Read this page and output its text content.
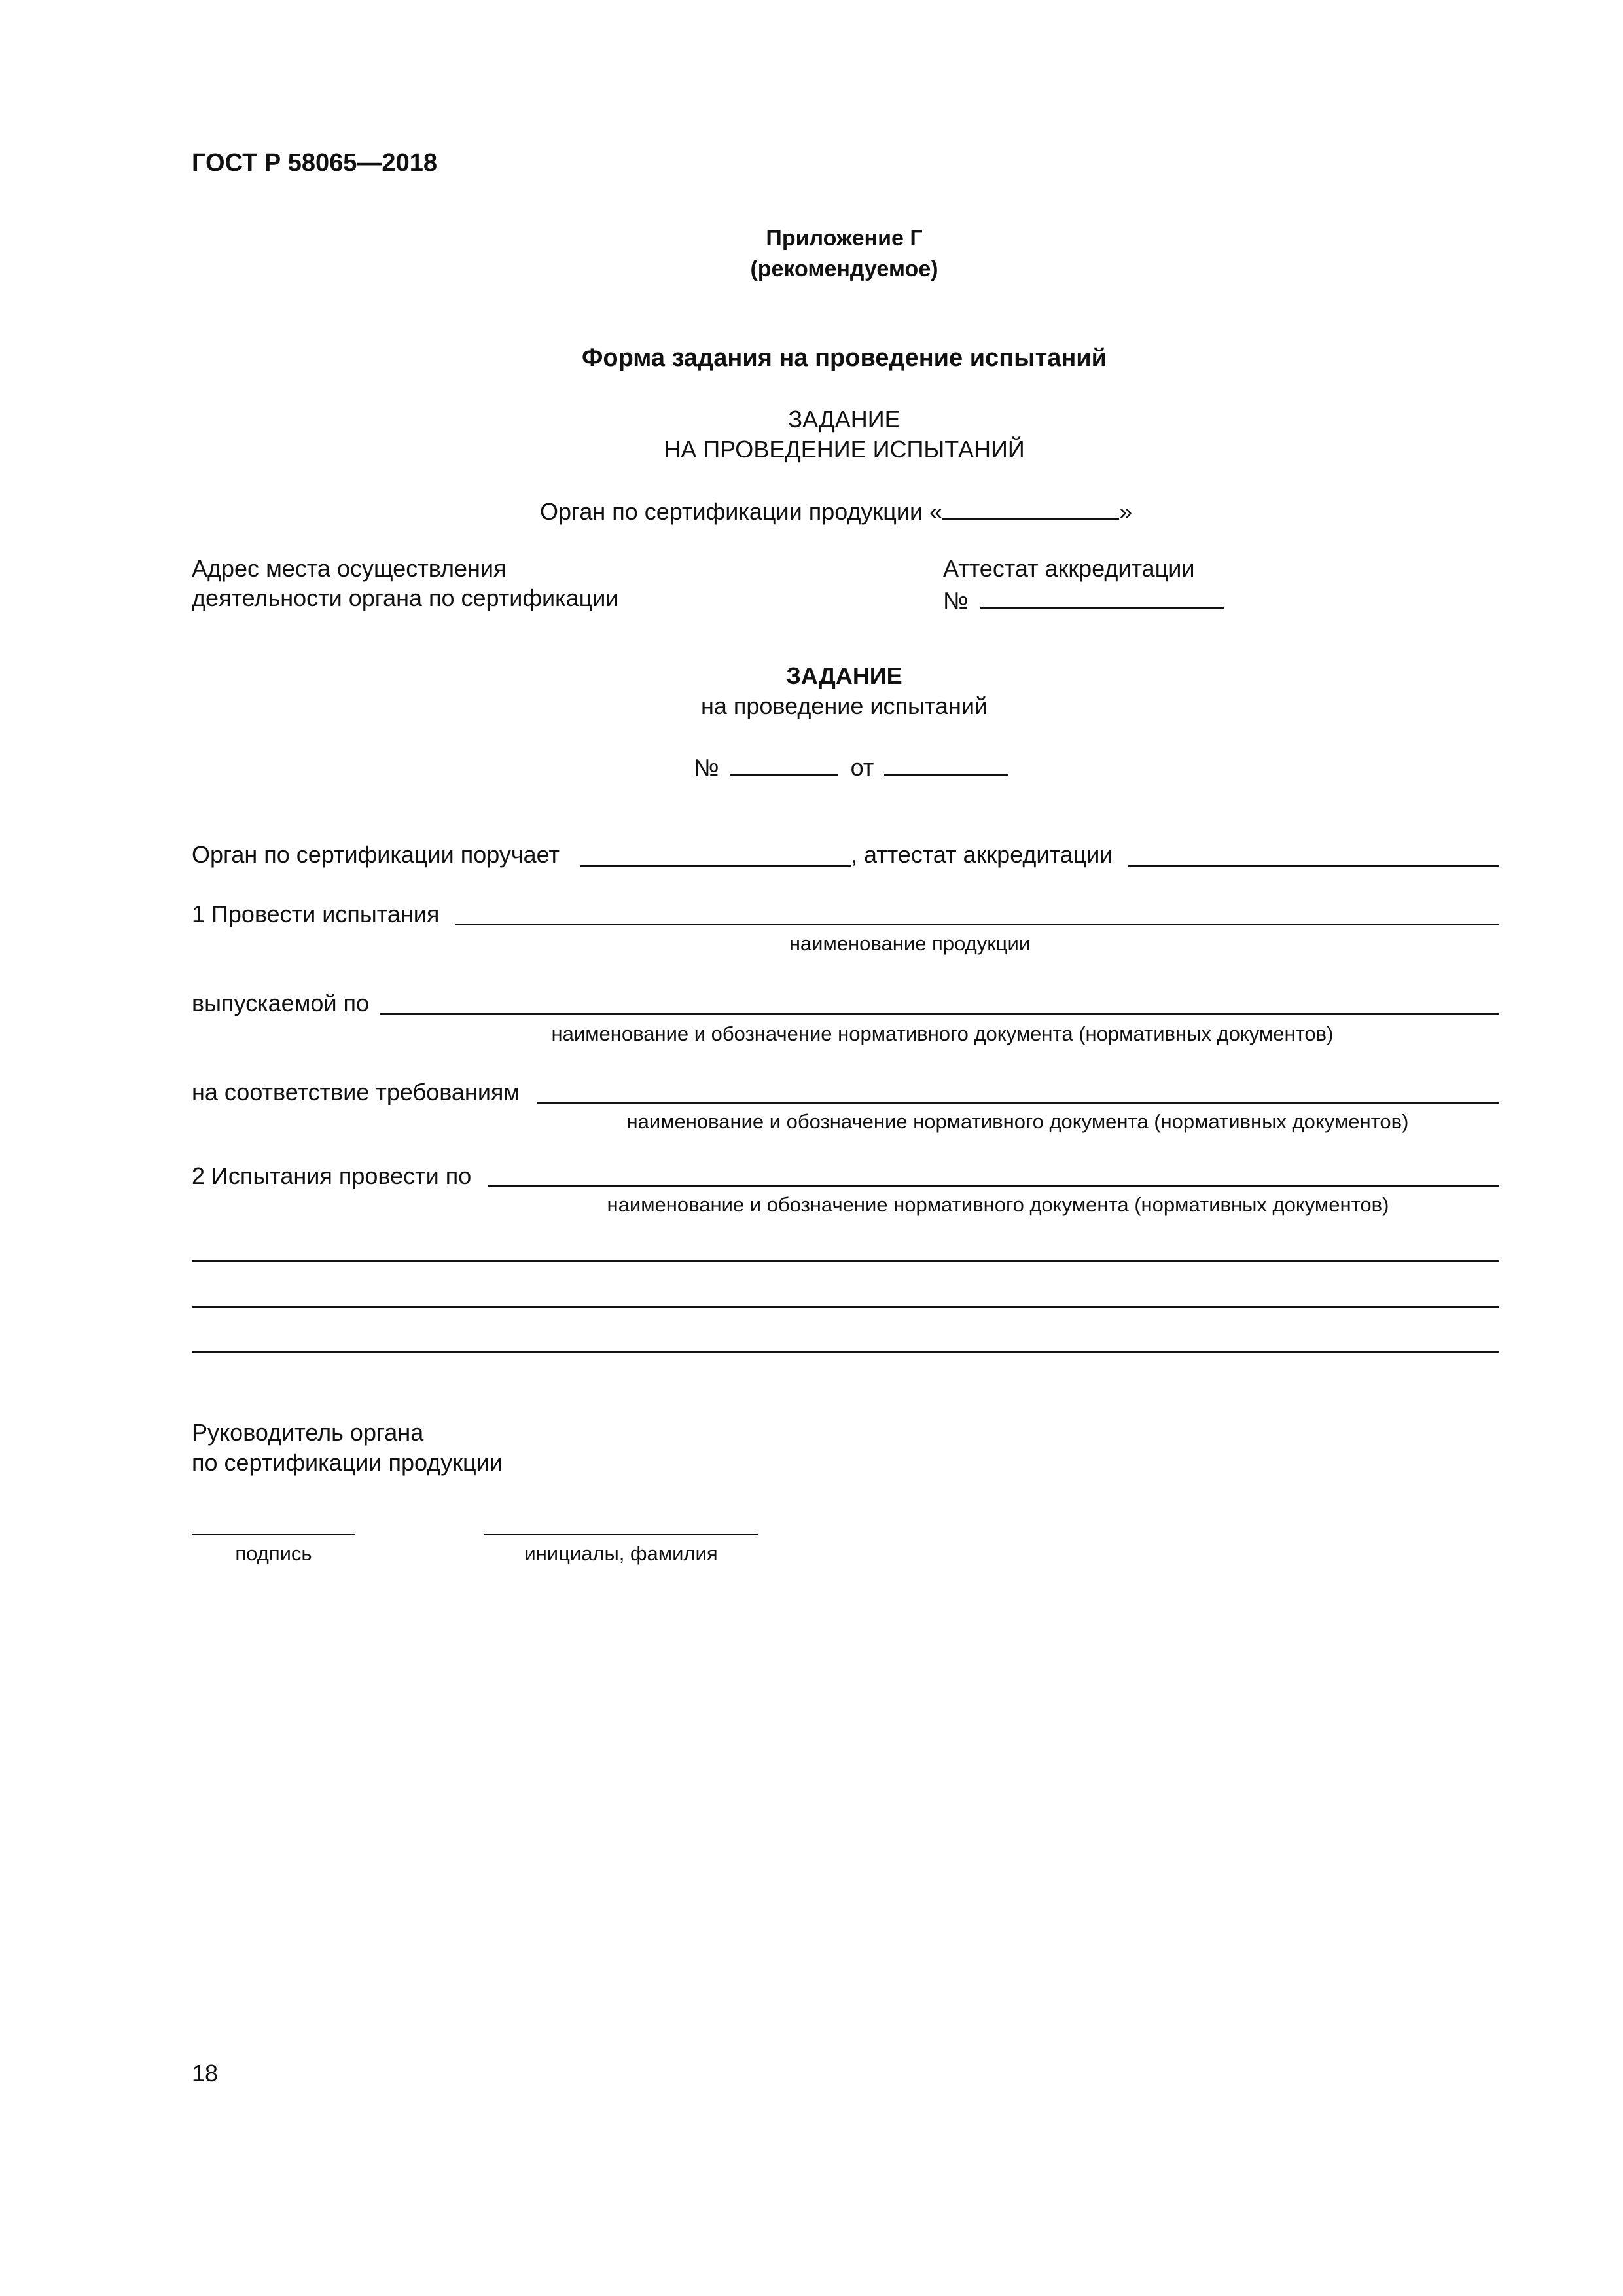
ГОСТ Р 58065—2018
Приложение Г
(рекомендуемое)
Форма задания на проведение испытаний
ЗАДАНИЕ
НА ПРОВЕДЕНИЕ ИСПЫТАНИЙ
Орган по сертификации продукции «	»
Адрес места осуществления
деятельности органа по сертификации
Аттестат аккредитации
№
ЗАДАНИЕ
на проведение испытаний
№	от
Орган по сертификации поручает	, аттестат аккредитации
1 Провести испытания
наименование продукции
выпускаемой по
наименование и обозначение нормативного документа (нормативных документов)
на соответствие требованиям
наименование и обозначение нормативного документа (нормативных документов)
2 Испытания провести по
наименование и обозначение нормативного документа (нормативных документов)
Руководитель органа
по сертификации продукции
подпись	инициалы, фамилия
18
